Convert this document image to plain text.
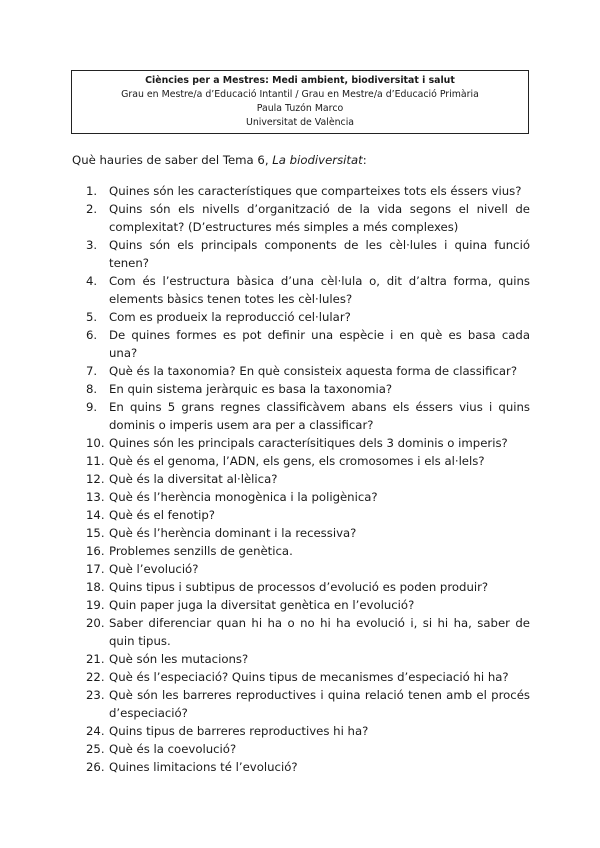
Ciències per a Mestres: Medi ambient, biodiversitat i salut
Grau en Mestre/a d’Educació Intantil / Grau en Mestre/a d’Educació Primària
Paula Tuzón Marco
Universitat de València
Què hauries de saber del Tema 6, La biodiversitat:
1. Quines són les característiques que comparteixes tots els éssers vius?
2. Quins són els nivells d’organització de la vida segons el nivell de complexitat? (D’estructures més simples a més complexes)
3. Quins són els principals components de les cèl·lules i quina funció tenen?
4. Com és l’estructura bàsica d’una cèl·lula o, dit d’altra forma, quins elements bàsics tenen totes les cèl·lules?
5. Com es produeix la reproducció cel·lular?
6. De quines formes es pot definir una espècie i en què es basa cada una?
7. Què és la taxonomia? En què consisteix aquesta forma de classificar?
8. En quin sistema jeràrquic es basa la taxonomia?
9. En quins 5 grans regnes classificàvem abans els éssers vius i quins dominis o imperis usem ara per a classificar?
10. Quines són les principals caracterísitiques dels 3 dominis o imperis?
11. Què és el genoma, l’ADN, els gens, els cromosomes i els al·lels?
12. Què és la diversitat al·lèlica?
13. Què és l’herència monogènica i la poligènica?
14. Què és el fenotip?
15. Què és l’herència dominant i la recessiva?
16. Problemes senzills de genètica.
17. Què l’evolució?
18. Quins tipus i subtipus de processos d’evolució es poden produir?
19. Quin paper juga la diversitat genètica en l’evolució?
20. Saber diferenciar quan hi ha o no hi ha evolució i, si hi ha, saber de quin tipus.
21. Què són les mutacions?
22. Què és l’especiació? Quins tipus de mecanismes d’especiació hi ha?
23. Què són les barreres reproductives i quina relació tenen amb el procés d’especiació?
24. Quins tipus de barreres reproductives hi ha?
25. Què és la coevolució?
26. Quines limitacions té l’evolució?
